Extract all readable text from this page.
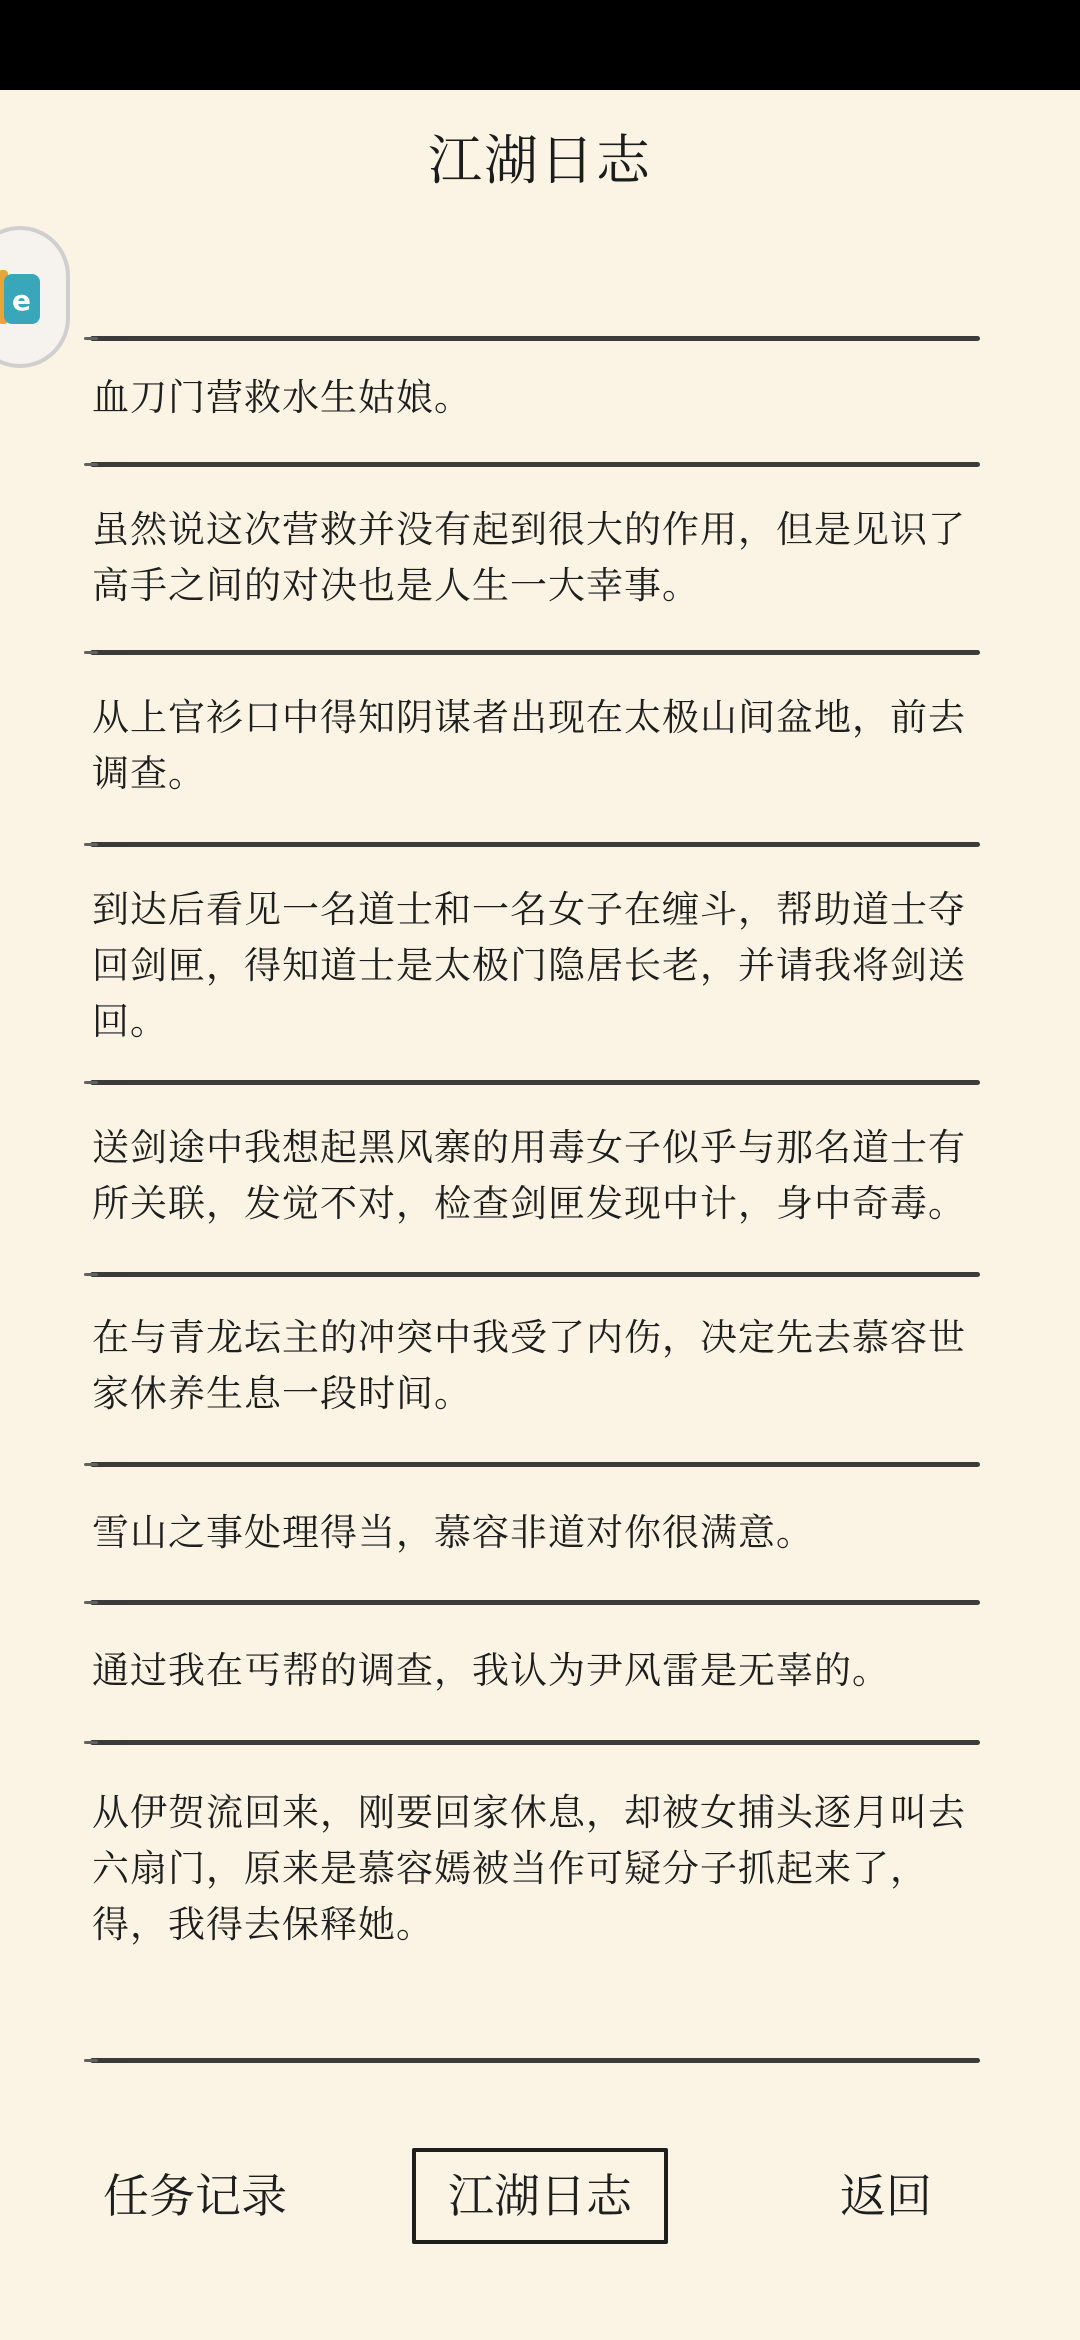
江湖日志
e
血刀门营救水生姑娘。
虽然说这次营救并没有起到很大的作用，但是见识了高手之间的对决也是人生一大幸事。
从上官衫口中得知阴谋者出现在太极山间盆地，前去调查。
到达后看见一名道士和一名女子在缠斗，帮助道士夺回剑匣，得知道士是太极门隐居长老，并请我将剑送回。
送剑途中我想起黑风寨的用毒女子似乎与那名道士有所关联，发觉不对，检查剑匣发现中计，身中奇毒。
在与青龙坛主的冲突中我受了内伤，决定先去慕容世家休养生息一段时间。
雪山之事处理得当，慕容非道对你很满意。
通过我在丐帮的调查，我认为尹风雷是无辜的。
从伊贺流回来，刚要回家休息，却被女捕头逐月叫去六扇门，原来是慕容嫣被当作可疑分子抓起来了，得，我得去保释她。
任务记录	江湖日志	返回
